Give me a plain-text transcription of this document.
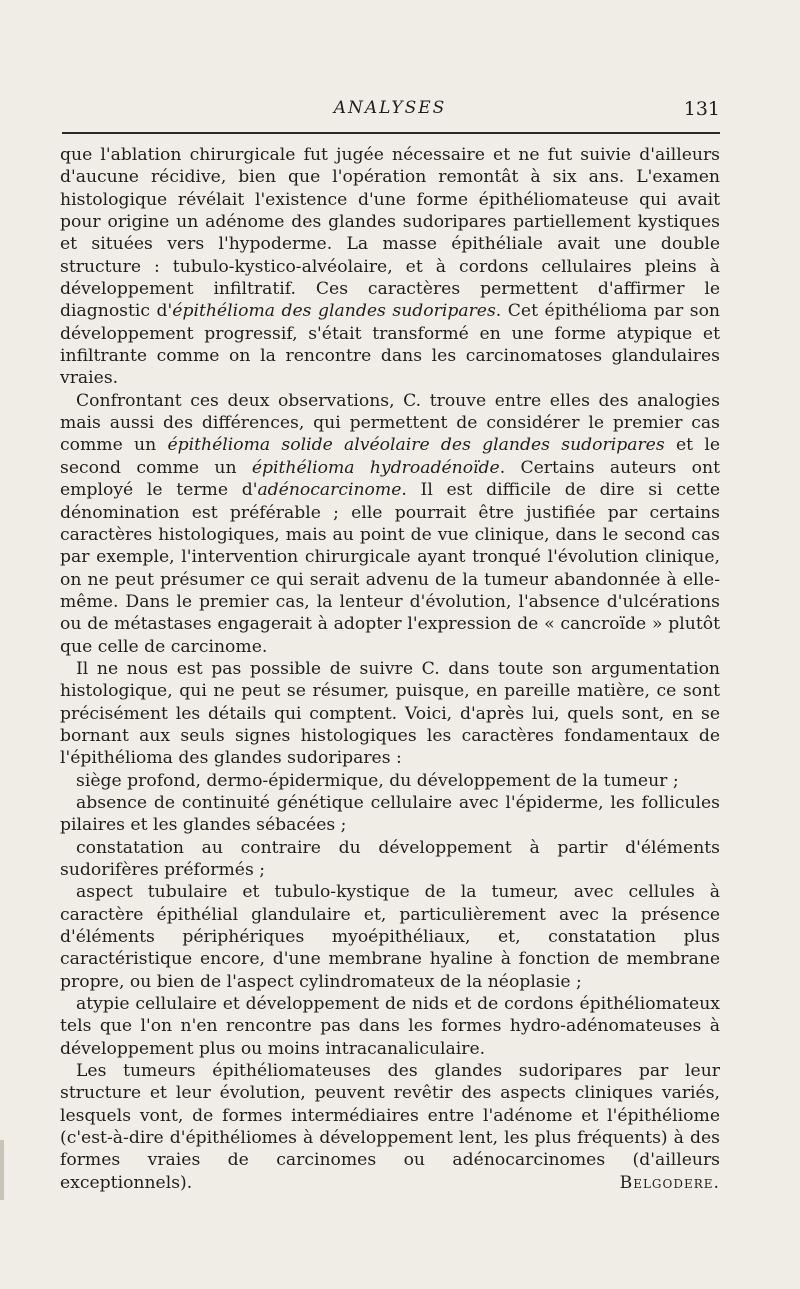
ANALYSES	131

que l'ablation chirurgicale fut jugée nécessaire et ne fut suivie d'ailleurs d'aucune récidive, bien que l'opération remontât à six ans. L'examen histologique révélait l'existence d'une forme épithéliomateuse qui avait pour origine un adénome des glandes sudoripares partiellement kystiques et situées vers l'hypoderme. La masse épithéliale avait une double structure : tubulo-kystico-alvéolaire, et à cordons cellulaires pleins à développement infiltratif. Ces caractères permettent d'affirmer le diagnostic d'épithélioma des glandes sudoripares. Cet épithélioma par son développement progressif, s'était transformé en une forme atypique et infiltrante comme on la rencontre dans les carcinomatoses glandulaires vraies.

Confrontant ces deux observations, C. trouve entre elles des analogies mais aussi des différences, qui permettent de considérer le premier cas comme un épithélioma solide alvéolaire des glandes sudoripares et le second comme un épithélioma hydroadénoïde. Certains auteurs ont employé le terme d'adénocarcinome. Il est difficile de dire si cette dénomination est préférable ; elle pourrait être justifiée par certains caractères histologiques, mais au point de vue clinique, dans le second cas par exemple, l'intervention chirurgicale ayant tronqué l'évolution clinique, on ne peut présumer ce qui serait advenu de la tumeur abandonnée à elle-même. Dans le premier cas, la lenteur d'évolution, l'absence d'ulcérations ou de métastases engagerait à adopter l'expression de « cancroïde » plutôt que celle de carcinome.

Il ne nous est pas possible de suivre C. dans toute son argumentation histologique, qui ne peut se résumer, puisque, en pareille matière, ce sont précisément les détails qui comptent. Voici, d'après lui, quels sont, en se bornant aux seuls signes histologiques les caractères fondamentaux de l'épithélioma des glandes sudoripares :

siège profond, dermo-épidermique, du développement de la tumeur ;

absence de continuité génétique cellulaire avec l'épiderme, les follicules pilaires et les glandes sébacées ;

constatation au contraire du développement à partir d'éléments sudorifères préformés ;

aspect tubulaire et tubulo-kystique de la tumeur, avec cellules à caractère épithélial glandulaire et, particulièrement avec la présence d'éléments périphériques myoépithéliaux, et, constatation plus caractéristique encore, d'une membrane hyaline à fonction de membrane propre, ou bien de l'aspect cylindromateux de la néoplasie ;

atypie cellulaire et développement de nids et de cordons épithéliomateux tels que l'on n'en rencontre pas dans les formes hydro-adénomateuses à développement plus ou moins intracanaliculaire.

Les tumeurs épithéliomateuses des glandes sudoripares par leur structure et leur évolution, peuvent revêtir des aspects cliniques variés, lesquels vont, de formes intermédiaires entre l'adénome et l'épithéliome (c'est-à-dire d'épithéliomes à développement lent, les plus fréquents) à des formes vraies de carcinomes ou adénocarcinomes (d'ailleurs exceptionnels).	Belgodere.
